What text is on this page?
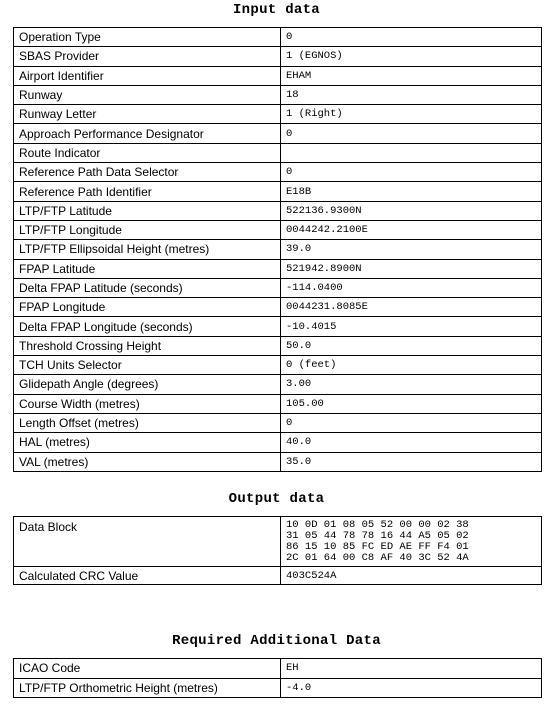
Input data
Operation Type	0
SBAS Provider	1 (EGNOS)
Airport Identifier	EHAM
Runway	18
Runway Letter	1 (Right)
Approach Performance Designator	0
Route Indicator	
Reference Path Data Selector	0
Reference Path Identifier	E18B
LTP/FTP Latitude	522136.9300N
LTP/FTP Longitude	0044242.2100E
LTP/FTP Ellipsoidal Height (metres)	39.0
FPAP Latitude	521942.8900N
Delta FPAP Latitude (seconds)	-114.0400
FPAP Longitude	0044231.8085E
Delta FPAP Longitude (seconds)	-10.4015
Threshold Crossing Height	50.0
TCH Units Selector	0 (feet)
Glidepath Angle (degrees)	3.00
Course Width (metres)	105.00
Length Offset (metres)	0
HAL (metres)	40.0
VAL (metres)	35.0
Output data
Data Block	10 0D 01 08 05 52 00 00 02 38
31 05 44 78 78 16 44 A5 05 02
86 15 10 85 FC ED AE FF F4 01
2C 01 64 00 C8 AF 40 3C 52 4A

Calculated CRC Value	403C524A
Required Additional Data
ICAO Code	EH
LTP/FTP Orthometric Height (metres)	-4.0
